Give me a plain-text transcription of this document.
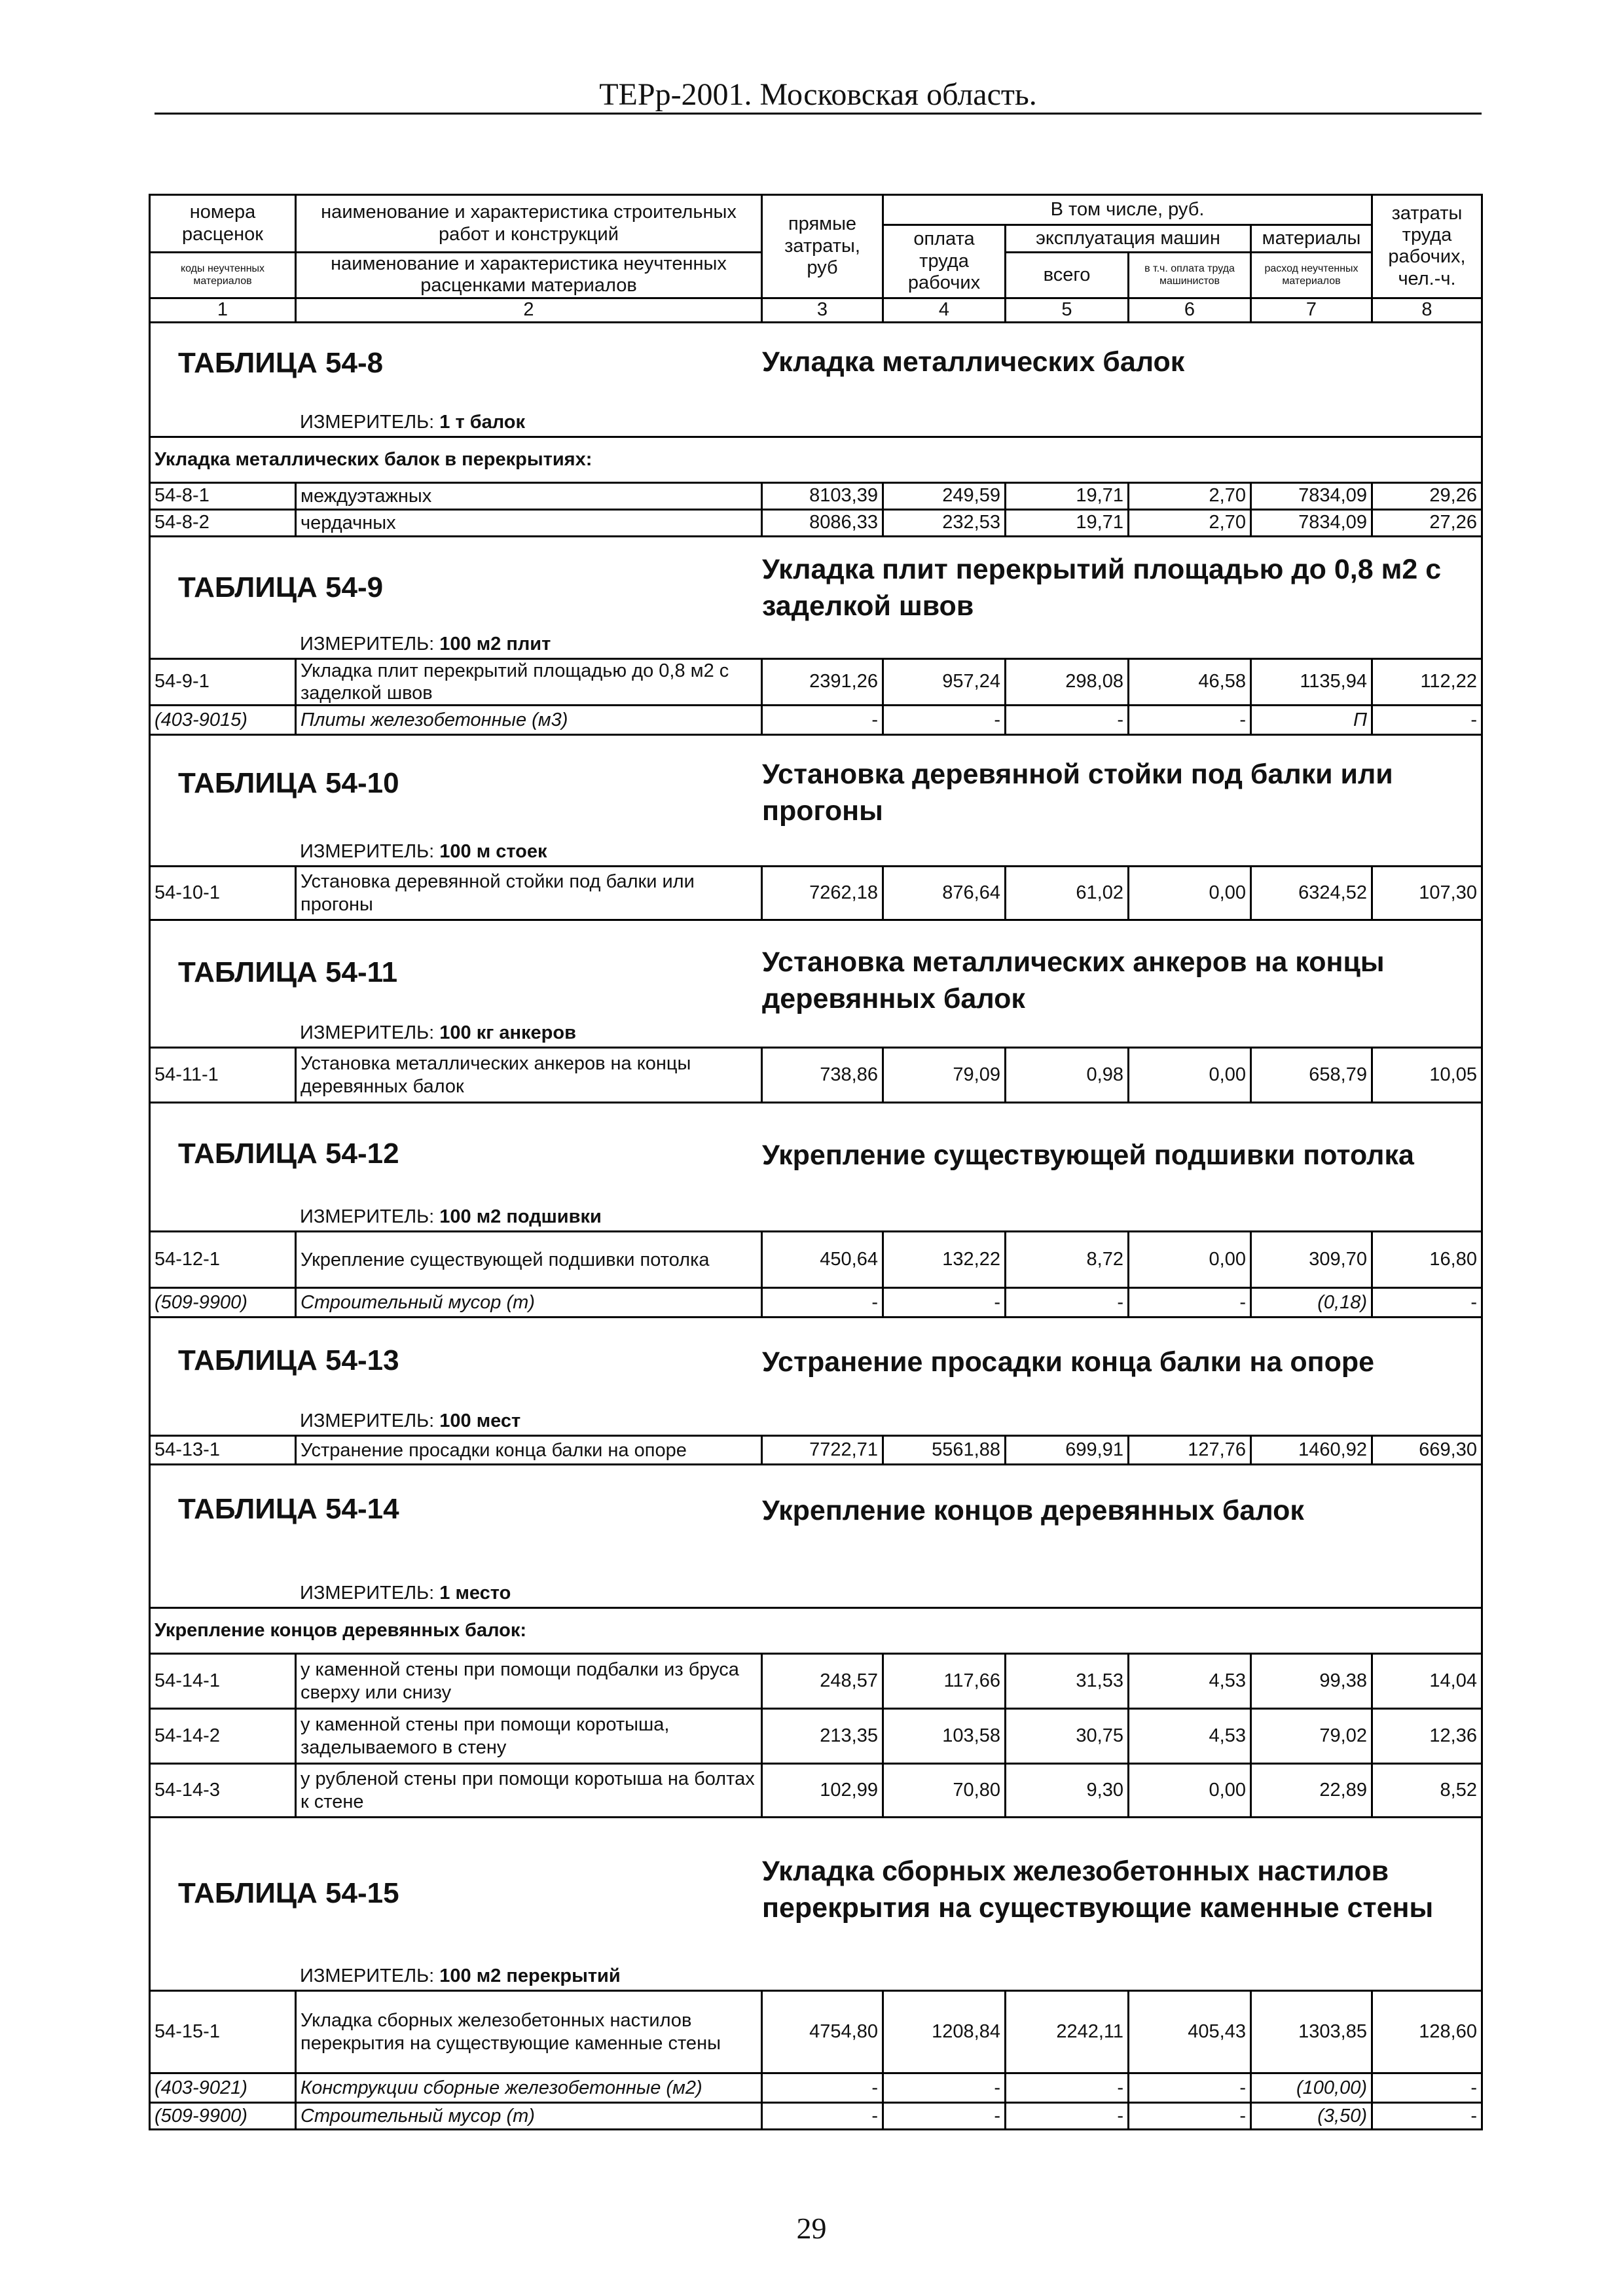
ТЕРр-2001. Московская область.
номера расценок	наименование и характеристика строительных работ и конструкций	прямые затраты, руб	В том числе, руб.				затраты труда рабочих, чел.-ч.
			оплата труда рабочих	эксплуатация машин		материалы	
коды неучтенных материалов	наименование и характеристика неучтенных расценками материалов			всего	в т.ч. оплата труда машинистов	расход неучтенных материалов	

1	2	3	4	5	6	7	8

ТАБЛИЦА 54-8 Укладка металлических балок
ИЗМЕРИТЕЛЬ: 1 т балок							

Укладка металлических балок в перекрытиях:							
54-8-1	междуэтажных	8103,39	249,59	19,71	2,70	7834,09	29,26
54-8-2	чердачных	8086,33	232,53	19,71	2,70	7834,09	27,26

ТАБЛИЦА 54-9
Укладка плит перекрытий площадью до 0,8 м2 с заделкой швов
ИЗМЕРИТЕЛЬ: 100 м2 плит							

54-9-1	Укладка плит перекрытий площадью до 0,8 м2 с заделкой швов	2391,26	957,24	298,08	46,58	1135,94	112,22
(403-9015)	Плиты железобетонные (м3)	-	-	-	-	П	-

ТАБЛИЦА 54-10 Установка деревянной стойки под балки или прогоны
ИЗМЕРИТЕЛЬ: 100 м стоек							

54-10-1	Установка деревянной стойки под балки или прогоны	7262,18	876,64	61,02	0,00	6324,52	107,30

ТАБЛИЦА 54-11 Установка металлических анкеров на концы деревянных балок
ИЗМЕРИТЕЛЬ: 100 кг анкеров							

54-11-1	Установка металлических анкеров на концы деревянных балок	738,86	79,09	0,98	0,00	658,79	10,05

ТАБЛИЦА 54-12 Укрепление существующей подшивки потолка
ИЗМЕРИТЕЛЬ: 100 м2 подшивки							

54-12-1	Укрепление существующей подшивки потолка	450,64	132,22	8,72	0,00	309,70	16,80
(509-9900)	Строительный мусор (т)	-	-	-	-	(0,18)	-

ТАБЛИЦА 54-13 Устранение просадки конца балки на опоре
ИЗМЕРИТЕЛЬ: 100 мест							

54-13-1	Устранение просадки конца балки на опоре	7722,71	5561,88	699,91	127,76	1460,92	669,30

ТАБЛИЦА 54-14 Укрепление концов деревянных балок
ИЗМЕРИТЕЛЬ: 1 место							

Укрепление концов деревянных балок:							
54-14-1	у каменной стены при помощи подбалки из бруса сверху или снизу	248,57	117,66	31,53	4,53	99,38	14,04
54-14-2	у каменной стены при помощи коротыша, заделываемого в стену	213,35	103,58	30,75	4,53	79,02	12,36
54-14-3	у рубленой стены при помощи коротыша на болтах к стене	102,99	70,80	9,30	0,00	22,89	8,52

ТАБЛИЦА 54-15
Укладка сборных железобетонных настилов перекрытия на существующие каменные стены
ИЗМЕРИТЕЛЬ: 100 м2 перекрытий							

54-15-1	Укладка сборных железобетонных настилов перекрытия на существующие каменные стены	4754,80	1208,84	2242,11	405,43	1303,85	128,60
(403-9021)	Конструкции сборные железобетонные (м2)	-	-	-	-	(100,00)	-
(509-9900)	Строительный мусор (т)	-	-	-	-	(3,50)	-
29
